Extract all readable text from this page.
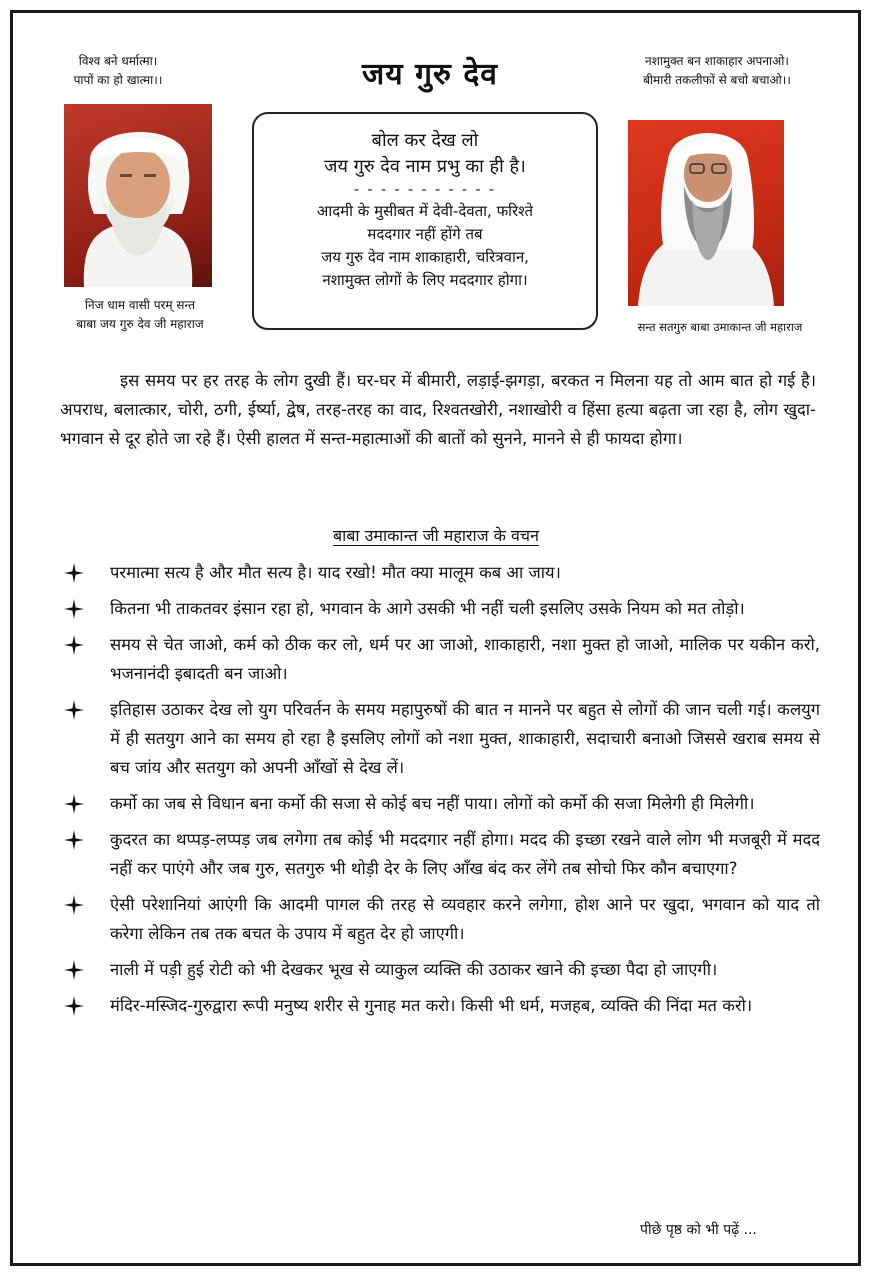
विश्व बने धर्मात्मा।
पापों का हो खात्मा।।	जय गुरु देव	नशामुक्त बन शाकाहार अपनाओ।
बीमारी तकलीफों से बचो बचाओ।।
बोल कर देख लो
जय गुरु देव नाम प्रभु का ही है।
- - - - - - - - - - -
आदमी के मुसीबत में देवी-देवता, फरिश्ते
मददगार नहीं होंगे तब
जय गुरु देव नाम शाकाहारी, चरित्रवान,
नशामुक्त लोगों के लिए मददगार होगा।
निज धाम वासी परम् सन्त
बाबा जय गुरु देव जी महाराज	सन्त सतगुरु बाबा उमाकान्त जी महाराज

इस समय पर हर तरह के लोग दुखी हैं। घर-घर में बीमारी, लड़ाई-झगड़ा, बरकत न मिलना यह तो आम बात हो गई है। अपराध, बलात्कार, चोरी, ठगी, ईर्ष्या, द्वेष, तरह-तरह का वाद, रिश्वतखोरी, नशाखोरी व हिंसा हत्या बढ़ता जा रहा है, लोग खुदा-भगवान से दूर होते जा रहे हैं। ऐसी हालत में सन्त-महात्माओं की बातों को सुनने, मानने से ही फायदा होगा।

बाबा उमाकान्त जी महाराज के वचन
परमात्मा सत्य है और मौत सत्य है। याद रखो! मौत क्या मालूम कब आ जाय।
कितना भी ताकतवर इंसान रहा हो, भगवान के आगे उसकी भी नहीं चली इसलिए उसके नियम को मत तोड़ो।
समय से चेत जाओ, कर्म को ठीक कर लो, धर्म पर आ जाओ, शाकाहारी, नशा मुक्त हो जाओ, मालिक पर यकीन करो, भजनानंदी इबादती बन जाओ।
इतिहास उठाकर देख लो युग परिवर्तन के समय महापुरुषों की बात न मानने पर बहुत से लोगों की जान चली गई। कलयुग में ही सतयुग आने का समय हो रहा है इसलिए लोगों को नशा मुक्त, शाकाहारी, सदाचारी बनाओ जिससे खराब समय से बच जांय और सतयुग को अपनी आँखों से देख लें।
कर्मो का जब से विधान बना कर्मो की सजा से कोई बच नहीं पाया। लोगों को कर्मो की सजा मिलेगी ही मिलेगी।
कुदरत का थप्पड़-लप्पड़ जब लगेगा तब कोई भी मददगार नहीं होगा। मदद की इच्छा रखने वाले लोग भी मजबूरी में मदद नहीं कर पाएंगे और जब गुरु, सतगुरु भी थोड़ी देर के लिए आँख बंद कर लेंगे तब सोचो फिर कौन बचाएगा?
ऐसी परेशानियां आएंगी कि आदमी पागल की तरह से व्यवहार करने लगेगा, होश आने पर खुदा, भगवान को याद तो करेगा लेकिन तब तक बचत के उपाय में बहुत देर हो जाएगी।
नाली में पड़ी हुई रोटी को भी देखकर भूख से व्याकुल व्यक्ति की उठाकर खाने की इच्छा पैदा हो जाएगी।
मंदिर-मस्जिद-गुरुद्वारा रूपी मनुष्य शरीर से गुनाह मत करो। किसी भी धर्म, मजहब, व्यक्ति की निंदा मत करो।
पीछे पृष्ठ को भी पढ़ें ...
